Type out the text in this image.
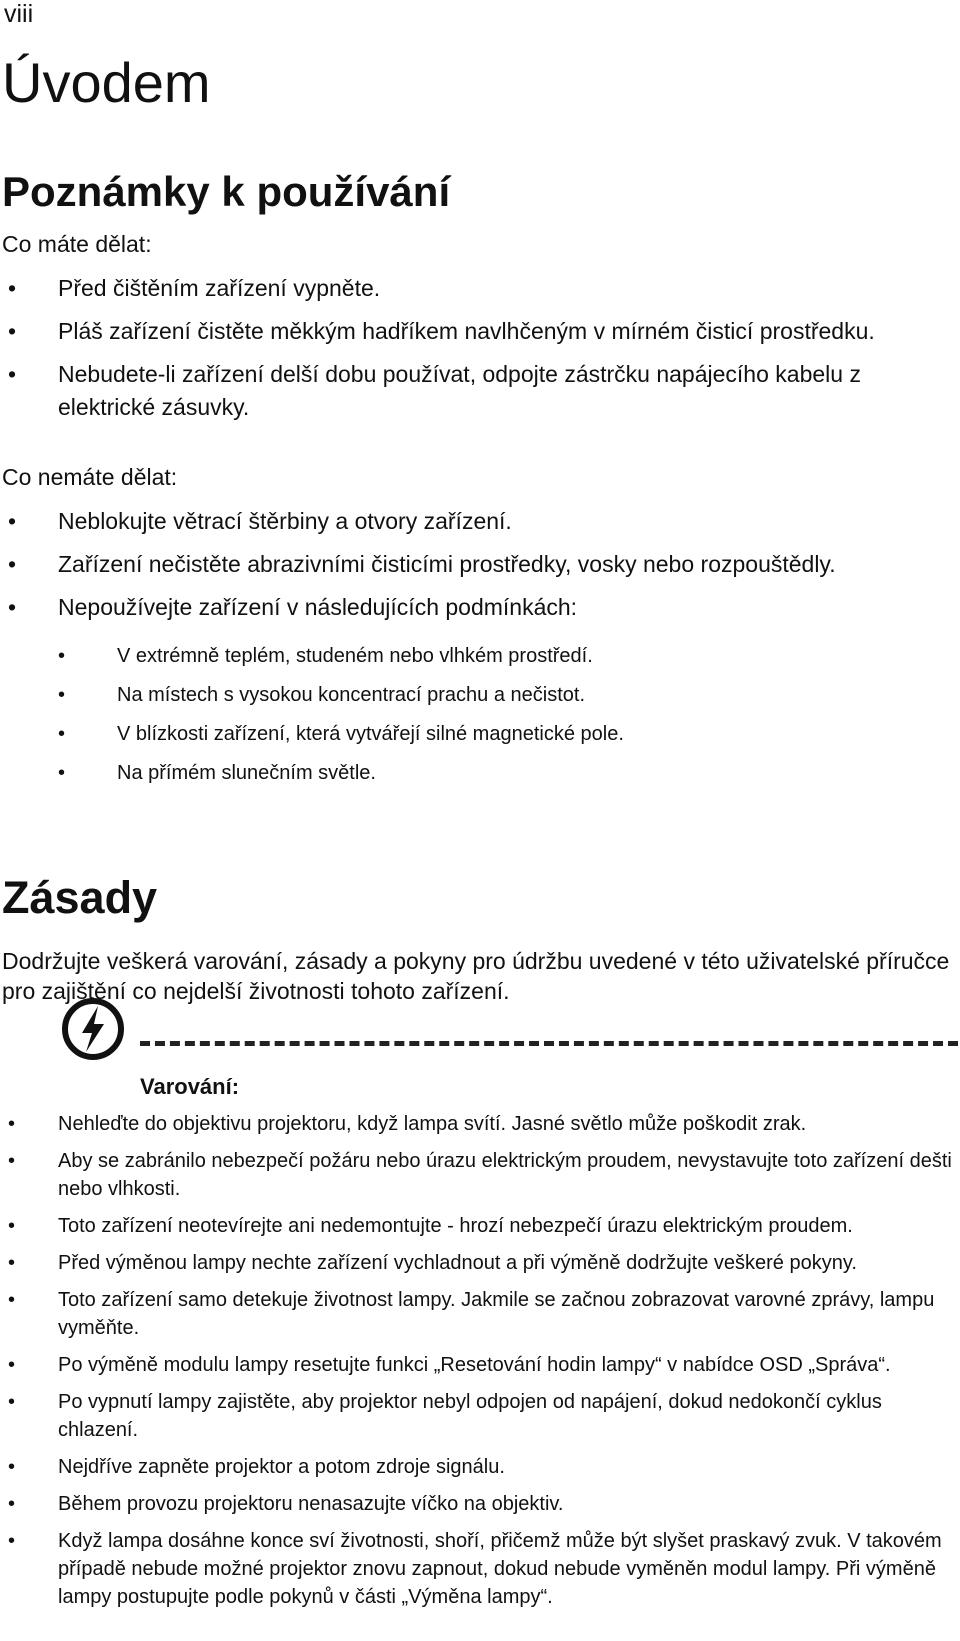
viii
Úvodem
Poznámky k používání
Co máte dělat:
• Před čištěním zařízení vypněte.
• Pláš zařízení čistěte měkkým hadříkem navlhčeným v mírném čisticí prostředku.
• Nebudete-li zařízení delší dobu používat, odpojte zástrčku napájecího kabelu z elektrické zásuvky.
Co nemáte dělat:
• Neblokujte větrací štěrbiny a otvory zařízení.
• Zařízení nečistěte abrazivními čisticími prostředky, vosky nebo rozpouštědly.
• Nepoužívejte zařízení v následujících podmínkách:
•	V extrémně teplém, studeném nebo vlhkém prostředí.
•	Na místech s vysokou koncentrací prachu a nečistot.
•	V blízkosti zařízení, která vytvářejí silné magnetické pole.
•	Na přímém slunečním světle.
Zásady

Dodržujte veškerá varování, zásady a pokyny pro údržbu uvedené v této uživatelské příručce pro zajištění co nejdelší životnosti tohoto zařízení.

Varování:
• Nehleďte do objektivu projektoru, když lampa svítí. Jasné světlo může poškodit zrak.
• Aby se zabránilo nebezpečí požáru nebo úrazu elektrickým proudem, nevystavujte toto zařízení dešti nebo vlhkosti.
• Toto zařízení neotevírejte ani nedemontujte - hrozí nebezpečí úrazu elektrickým proudem.
• Před výměnou lampy nechte zařízení vychladnout a při výměně dodržujte veškeré pokyny.
• Toto zařízení samo detekuje životnost lampy. Jakmile se začnou zobrazovat varovné zprávy, lampu vyměňte.
• Po výměně modulu lampy resetujte funkci „Resetování hodin lampy“ v nabídce OSD „Správa“.
• Po vypnutí lampy zajistěte, aby projektor nebyl odpojen od napájení, dokud nedokončí cyklus chlazení.
• Nejdříve zapněte projektor a potom zdroje signálu.
• Během provozu projektoru nenasazujte víčko na objektiv.
• Když lampa dosáhne konce sví životnosti, shoří, přičemž může být slyšet praskavý zvuk. V takovém případě nebude možné projektor znovu zapnout, dokud nebude vyměněn modul lampy. Při výměně lampy postupujte podle pokynů v části „Výměna lampy“.
